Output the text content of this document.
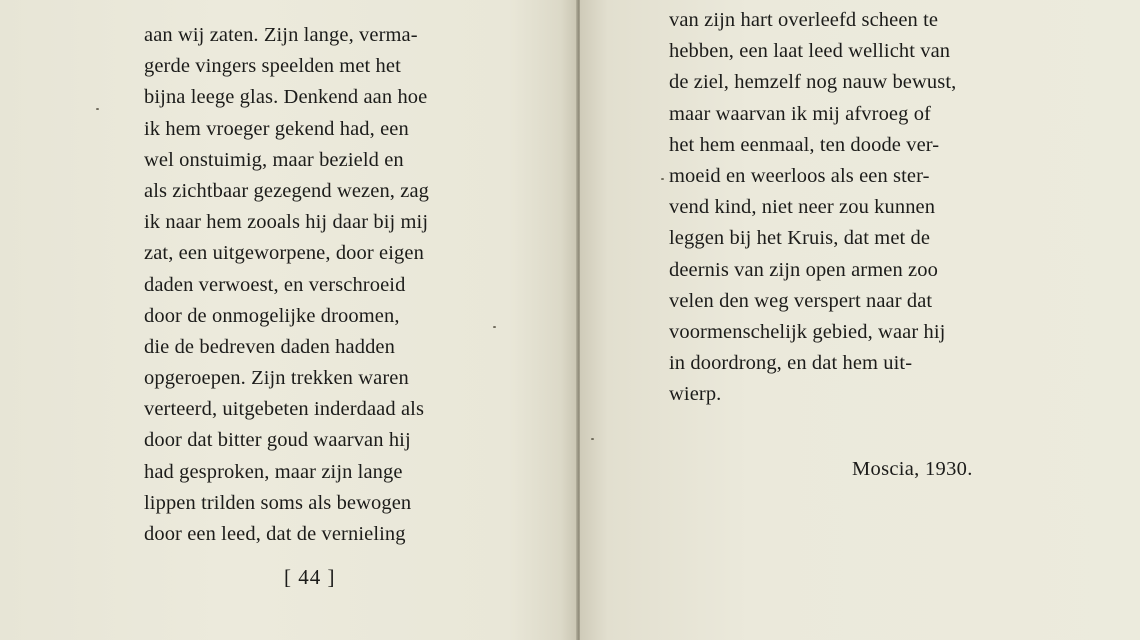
aan wij zaten. Zijn lange, verma-
gerde vingers speelden met het
bijna leege glas. Denkend aan hoe
ik hem vroeger gekend had, een
wel onstuimig, maar bezield en
als zichtbaar gezegend wezen, zag
ik naar hem zooals hij daar bij mij
zat, een uitgeworpene, door eigen
daden verwoest, en verschroeid
door de onmogelijke droomen,
die de bedreven daden hadden
opgeroepen. Zijn trekken waren
verteerd, uitgebeten inderdaad als
door dat bitter goud waarvan hij
had gesproken, maar zijn lange
lippen trilden soms als bewogen
door een leed, dat de vernieling
[ 44 ]
van zijn hart overleefd scheen te
hebben, een laat leed wellicht van
de ziel, hemzelf nog nauw bewust,
maar waarvan ik mij afvroeg of
het hem eenmaal, ten doode ver-
moeid en weerloos als een ster-
vend kind, niet neer zou kunnen
leggen bij het Kruis, dat met de
deernis van zijn open armen zoo
velen den weg verspert naar dat
voormenschelijk gebied, waar hij
in doordrong, en dat hem uit-
wierp.
Moscia, 1930.
